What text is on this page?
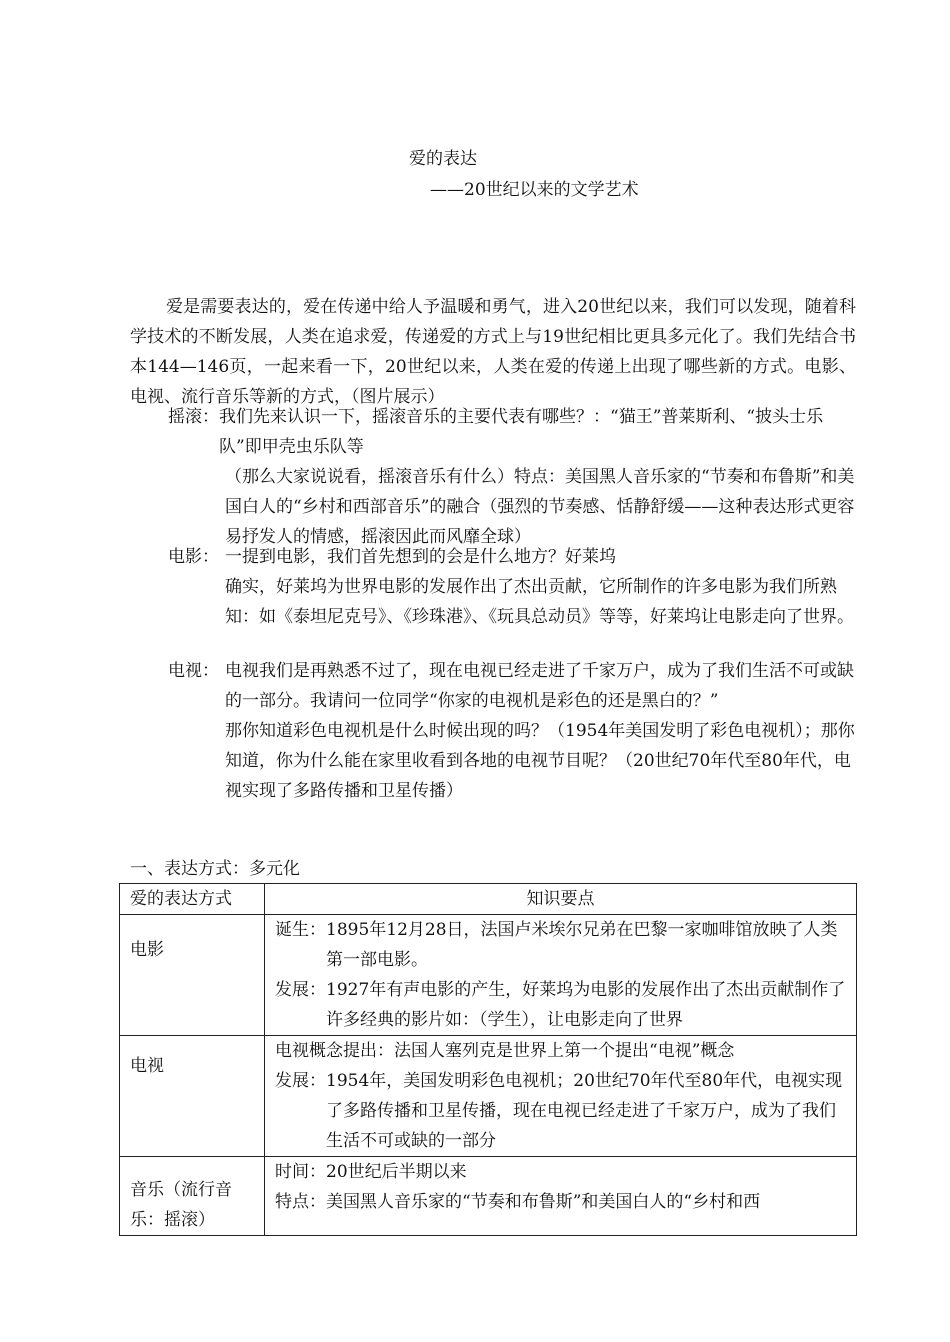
爱的表达
——20世纪以来的文学艺术
爱是需要表达的，爱在传递中给人予温暖和勇气，进入20世纪以来，我们可以发现，随着科学技术的不断发展，人类在追求爱，传递爱的方式上与19世纪相比更具多元化了。我们先结合书本144—146页，一起来看一下，20世纪以来，人类在爱的传递上出现了哪些新的方式。电影、电视、流行音乐等新的方式，（图片展示）
摇滚： 我们先来认识一下，摇滚音乐的主要代表有哪些？：“猫王”普莱斯利、“披头士乐队”即甲壳虫乐队等

（那么大家说说看，摇滚音乐有什么）特点：美国黑人音乐家的“节奏和布鲁斯”和美国白人的“乡村和西部音乐”的融合（强烈的节奏感、恬静舒缓——这种表达形式更容易抒发人的情感，摇滚因此而风靡全球）

电影： 一提到电影，我们首先想到的会是什么地方？好莱坞

确实，好莱坞为世界电影的发展作出了杰出贡献，它所制作的许多电影为我们所熟知：如《泰坦尼克号》、《珍珠港》、《玩具总动员》等等，好莱坞让电影走向了世界。

电视： 电视我们是再熟悉不过了，现在电视已经走进了千家万户，成为了我们生活不可或缺的一部分。我请问一位同学“你家的电视机是彩色的还是黑白的？”

那你知道彩色电视机是什么时候出现的吗？（1954年美国发明了彩色电视机）；那你知道，你为什么能在家里收看到各地的电视节目呢？（20世纪70年代至80年代，电视实现了多路传播和卫星传播）

一、表达方式：多元化
爱的表达方式	知识要点
电影	诞生： 1895年12月28日，法国卢米埃尔兄弟在巴黎一家咖啡馆放映了人类第一部电影。
发展： 1927年有声电影的产生，好莱坞为电影的发展作出了杰出贡献制作了许多经典的影片如：（学生），让电影走向了世界

电视	电视概念提出：法国人塞列克是世界上第一个提出“电视”概念
发展： 1954年，美国发明彩色电视机；20世纪70年代至80年代，电视实现了多路传播和卫星传播，现在电视已经走进了千家万户，成为了我们生活不可或缺的一部分

音乐（流行音乐：摇滚）	时间： 20世纪后半期以来
特点： 美国黑人音乐家的“节奏和布鲁斯”和美国白人的“乡村和西
